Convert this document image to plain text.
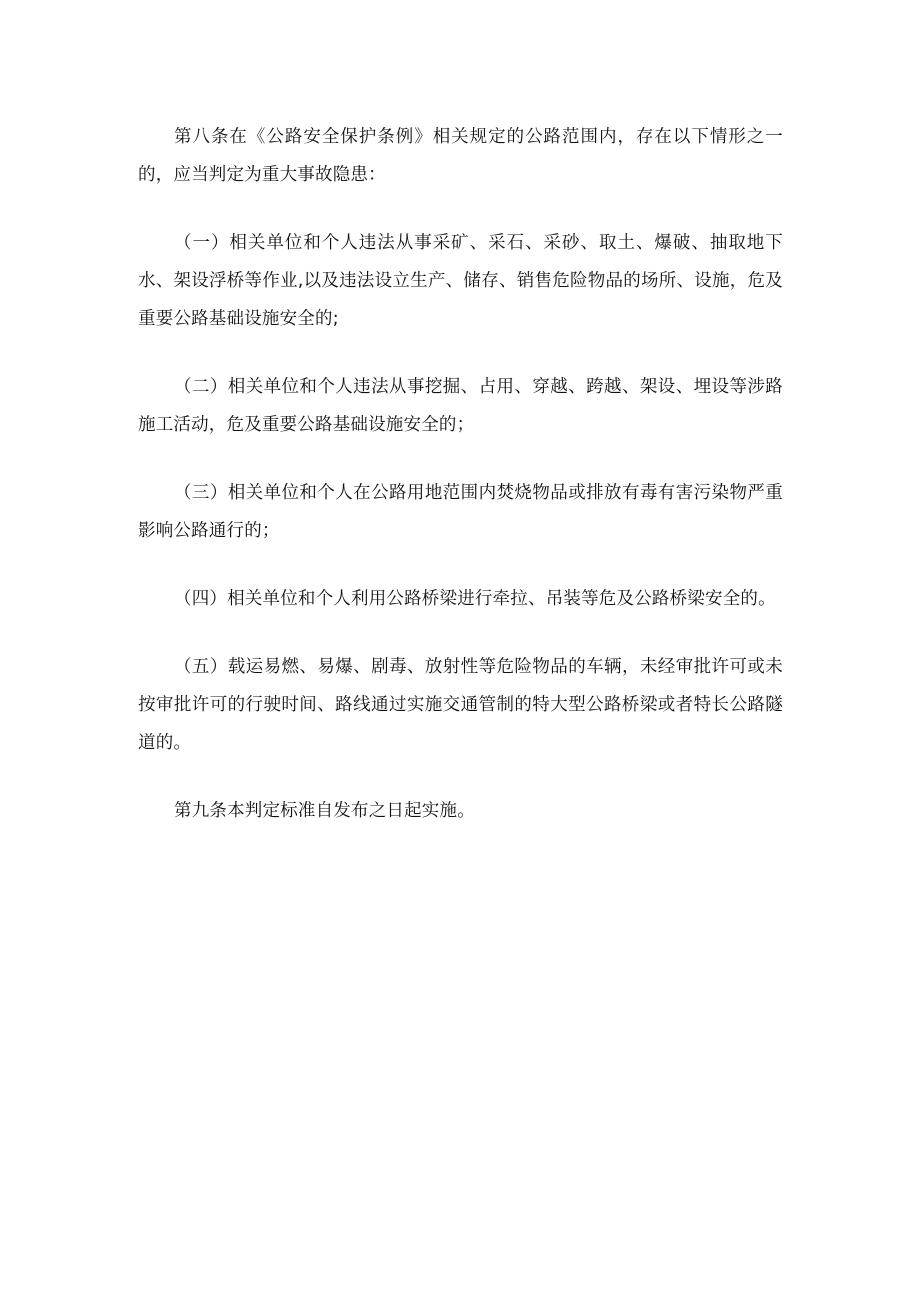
第八条在《公路安全保护条例》相关规定的公路范围内，存在以下情形之一的，应当判定为重大事故隐患：

（一）相关单位和个人违法从事采矿、采石、采砂、取土、爆破、抽取地下水、架设浮桥等作业,以及违法设立生产、储存、销售危险物品的场所、设施，危及重要公路基础设施安全的;

（二）相关单位和个人违法从事挖掘、占用、穿越、跨越、架设、埋设等涉路施工活动，危及重要公路基础设施安全的；

（三）相关单位和个人在公路用地范围内焚烧物品或排放有毒有害污染物严重影响公路通行的；

（四）相关单位和个人利用公路桥梁进行牵拉、吊装等危及公路桥梁安全的。

（五）载运易燃、易爆、剧毒、放射性等危险物品的车辆，未经审批许可或未按审批许可的行驶时间、路线通过实施交通管制的特大型公路桥梁或者特长公路隧道的。

第九条本判定标准自发布之日起实施。
